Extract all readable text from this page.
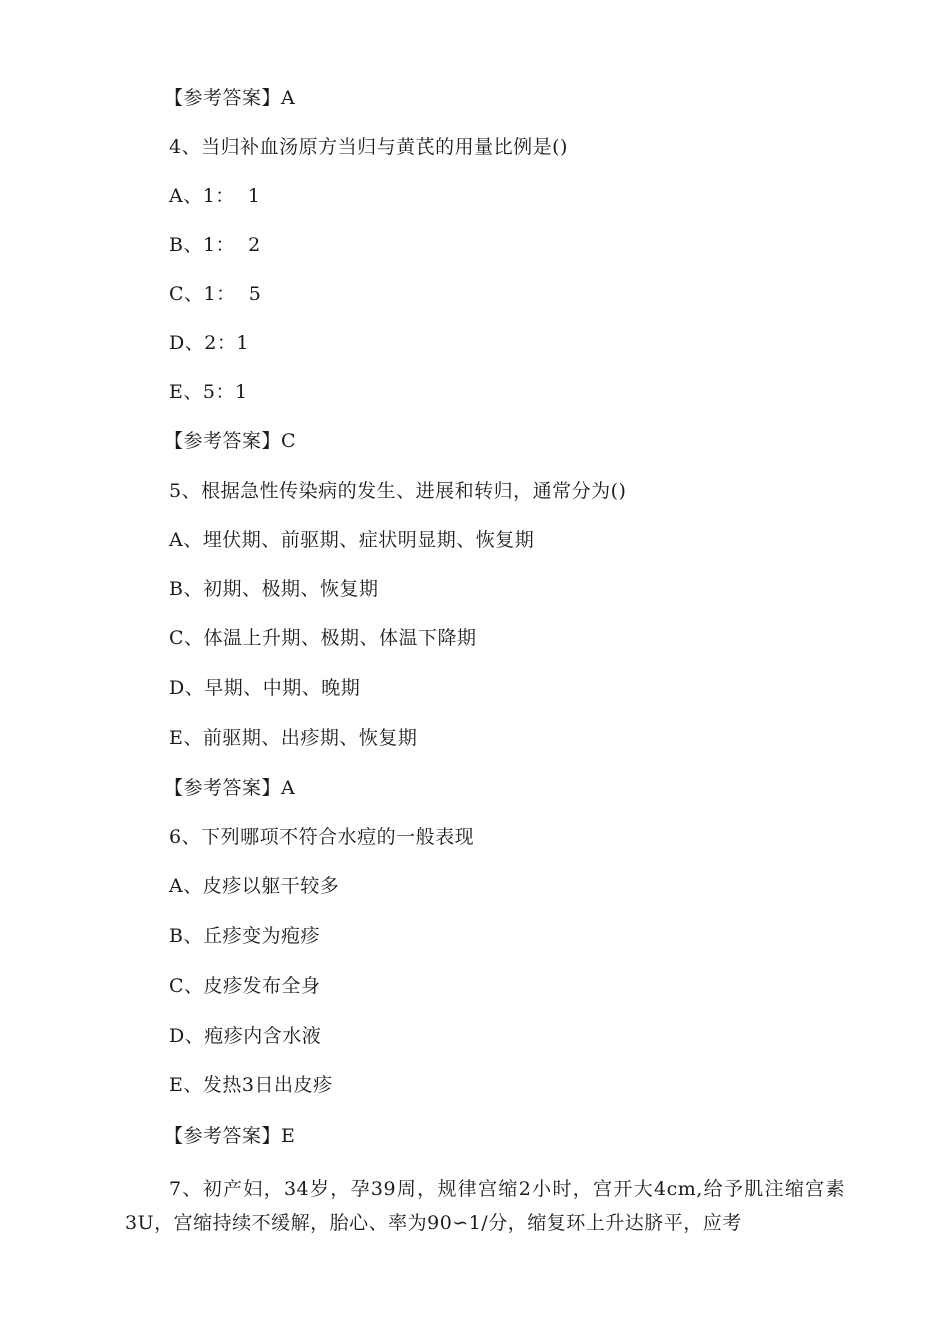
【参考答案】A
4、当归补血汤原方当归与黄芪的用量比例是()
A、1：  1
B、1：  2
C、1：  5
D、2：1
E、5：1
【参考答案】C
5、根据急性传染病的发生、进展和转归，通常分为()
A、埋伏期、前驱期、症状明显期、恢复期
B、初期、极期、恢复期
C、体温上升期、极期、体温下降期
D、早期、中期、晚期
E、前驱期、出疹期、恢复期
【参考答案】A
6、下列哪项不符合水痘的一般表现
A、皮疹以躯干较多
B、丘疹变为疱疹
C、皮疹发布全身
D、疱疹内含水液
E、发热3日出皮疹
【参考答案】E
7、初产妇，34岁，孕39周，规律宫缩2小时，宫开大4cm,给予肌注缩宫素3U，宫缩持续不缓解，胎心、率为90∽1/分，缩复环上升达脐平，应考
